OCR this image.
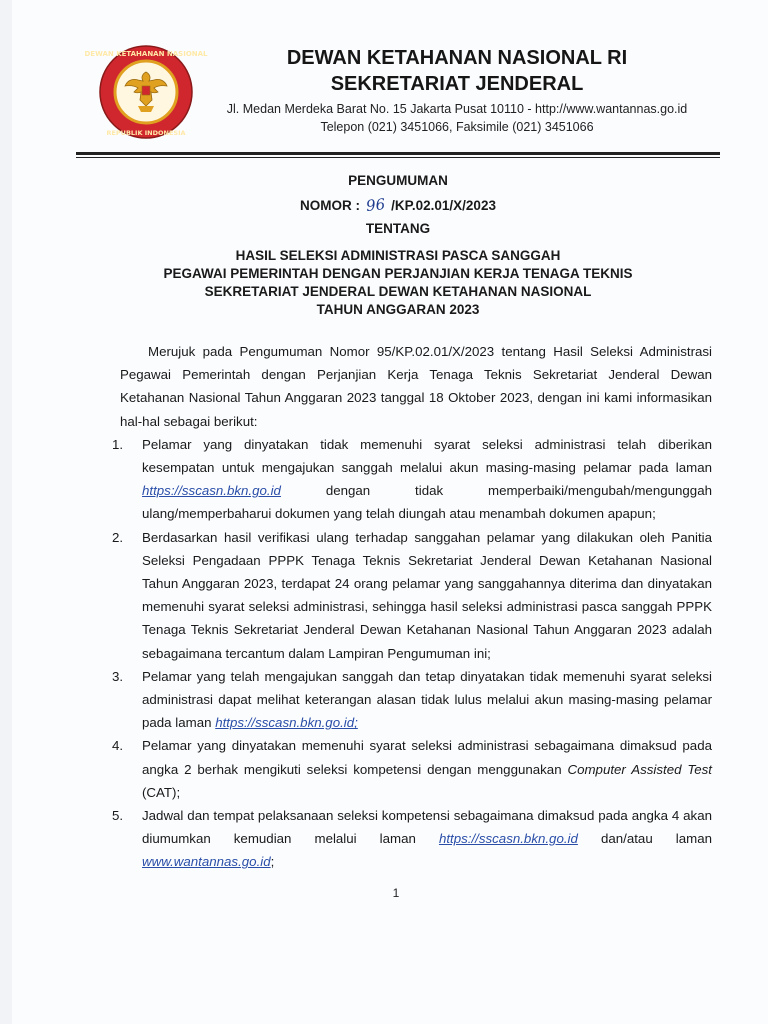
DEWAN KETAHANAN NASIONAL
REPUBLIK INDONESIA
DEWAN KETAHANAN NASIONAL RI
SEKRETARIAT JENDERAL
Jl. Medan Merdeka Barat No. 15 Jakarta Pusat 10110 - http://www.wantannas.go.id
Telepon (021) 3451066, Faksimile (021) 3451066
PENGUMUMAN
NOMOR : 96 /KP.02.01/X/2023
TENTANG
HASIL SELEKSI ADMINISTRASI PASCA SANGGAH
PEGAWAI PEMERINTAH DENGAN PERJANJIAN KERJA TENAGA TEKNIS
SEKRETARIAT JENDERAL DEWAN KETAHANAN NASIONAL
TAHUN ANGGARAN 2023

Merujuk pada Pengumuman Nomor 95/KP.02.01/X/2023 tentang Hasil Seleksi Administrasi Pegawai Pemerintah dengan Perjanjian Kerja Tenaga Teknis Sekretariat Jenderal Dewan Ketahanan Nasional Tahun Anggaran 2023 tanggal 18 Oktober 2023, dengan ini kami informasikan hal-hal sebagai berikut:

1.	Pelamar yang dinyatakan tidak memenuhi syarat seleksi administrasi telah diberikan kesempatan untuk mengajukan sanggah melalui akun masing-masing pelamar pada laman https://sscasn.bkn.go.id dengan tidak memperbaiki/mengubah/mengunggah ulang/memperbaharui dokumen yang telah diungah atau menambah dokumen apapun;
2.	Berdasarkan hasil verifikasi ulang terhadap sanggahan pelamar yang dilakukan oleh Panitia Seleksi Pengadaan PPPK Tenaga Teknis Sekretariat Jenderal Dewan Ketahanan Nasional Tahun Anggaran 2023, terdapat 24 orang pelamar yang sanggahannya diterima dan dinyatakan memenuhi syarat seleksi administrasi, sehingga hasil seleksi administrasi pasca sanggah PPPK Tenaga Teknis Sekretariat Jenderal Dewan Ketahanan Nasional Tahun Anggaran 2023 adalah sebagaimana tercantum dalam Lampiran Pengumuman ini;
3.	Pelamar yang telah mengajukan sanggah dan tetap dinyatakan tidak memenuhi syarat seleksi administrasi dapat melihat keterangan alasan tidak lulus melalui akun masing-masing pelamar pada laman https://sscasn.bkn.go.id;
4.	Pelamar yang dinyatakan memenuhi syarat seleksi administrasi sebagaimana dimaksud pada angka 2 berhak mengikuti seleksi kompetensi dengan menggunakan Computer Assisted Test (CAT);
5.	Jadwal dan tempat pelaksanaan seleksi kompetensi sebagaimana dimaksud pada angka 4 akan diumumkan kemudian melalui laman https://sscasn.bkn.go.id dan/atau laman www.wantannas.go.id;
1
